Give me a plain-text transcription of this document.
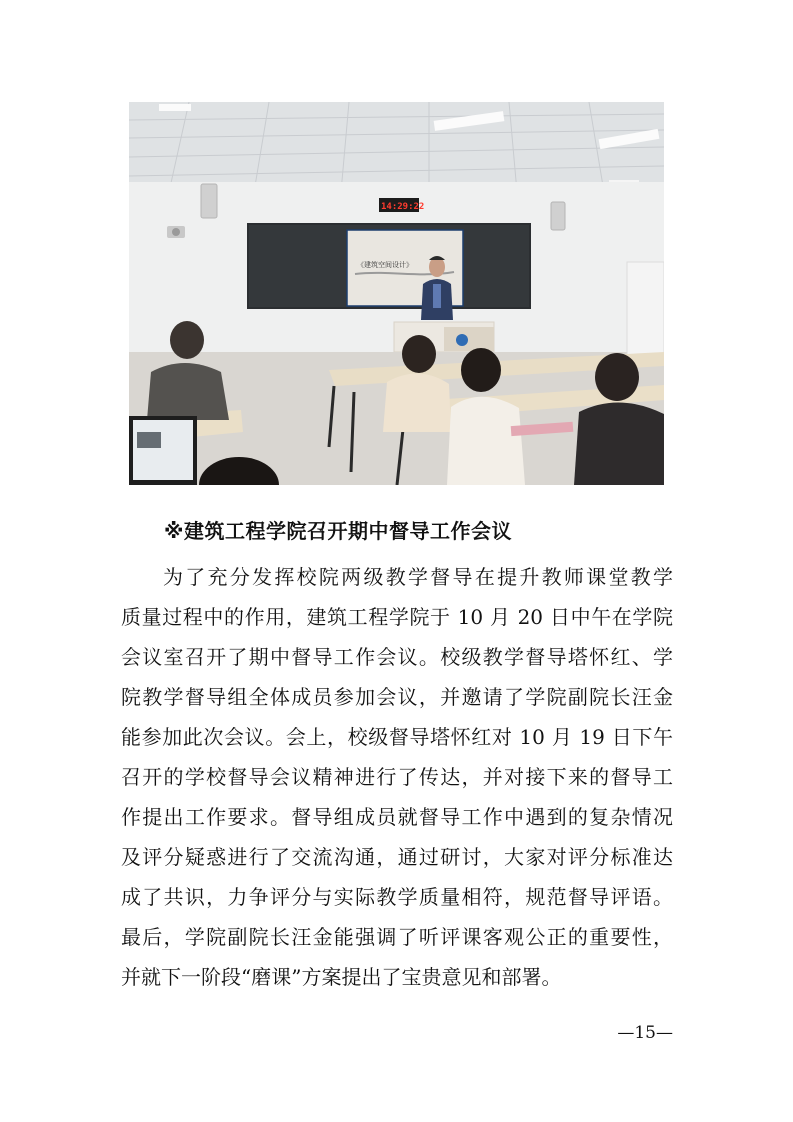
14:29:22
《建筑空间设计》
※建筑工程学院召开期中督导工作会议
为了充分发挥校院两级教学督导在提升教师课堂教学
质量过程中的作用，建筑工程学院于 10 月 20 日中午在学院
会议室召开了期中督导工作会议。校级教学督导塔怀红、学
院教学督导组全体成员参加会议，并邀请了学院副院长汪金
能参加此次会议。会上，校级督导塔怀红对 10 月 19 日下午
召开的学校督导会议精神进行了传达，并对接下来的督导工
作提出工作要求。督导组成员就督导工作中遇到的复杂情况
及评分疑惑进行了交流沟通，通过研讨，大家对评分标准达
成了共识，力争评分与实际教学质量相符，规范督导评语。
最后，学院副院长汪金能强调了听评课客观公正的重要性，
并就下一阶段“磨课”方案提出了宝贵意见和部署。
—15—
